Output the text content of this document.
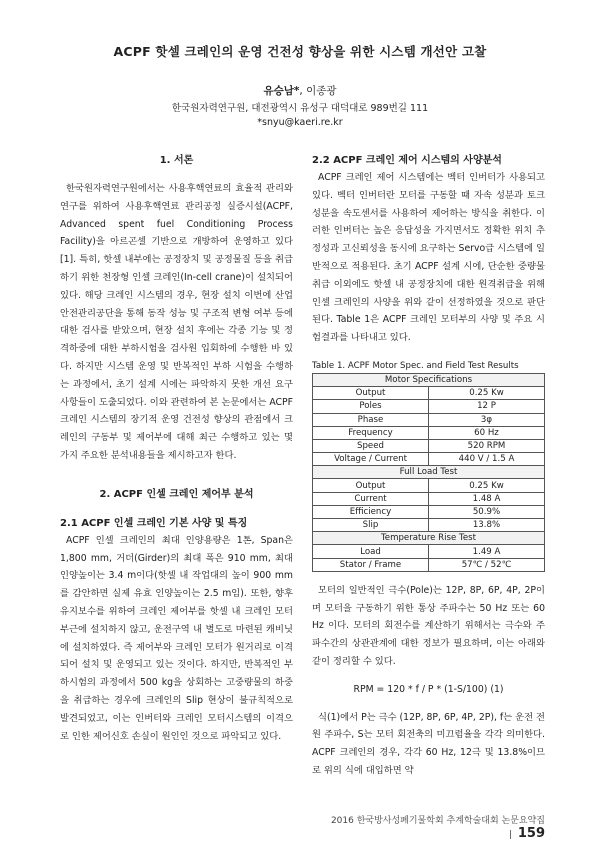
ACPF 핫셀 크레인의 운영 건전성 향상을 위한 시스템 개선안 고찰
유승남*, 이종광
한국원자력연구원, 대전광역시 유성구 대덕대로 989번길 111
*snyu@kaeri.re.kr

1. 서론

한국원자력연구원에서는 사용후핵연료의 효율적 관리와 연구를 위하여 사용후핵연료 관리공정 실증시설(ACPF, Advanced spent fuel Conditioning Process Facility)을 아르곤셀 기반으로 개방하여 운영하고 있다[1]. 특히, 핫셀 내부에는 공정장치 및 공정물질 등을 취급하기 위한 천장형 인셀 크레인(In-cell crane)이 설치되어 있다. 해당 크레인 시스템의 경우, 현장 설치 이번에 산업안전관리공단을 통해 동작 성능 및 구조적 변형 여부 등에 대한 검사를 받았으며, 현장 설치 후에는 각종 기능 및 정격하중에 대한 부하시험을 검사원 입회하에 수행한 바 있다. 하지만 시스템 운영 및 반복적인 부하 시험을 수행하는 과정에서, 초기 설계 시에는 파악하지 못한 개선 요구 사항들이 도출되었다. 이와 관련하여 본 논문에서는 ACPF 크레인 시스템의 장기적 운영 건전성 향상의 관점에서 크레인의 구동부 및 제어부에 대해 최근 수행하고 있는 몇 가지 주요한 분석내용들을 제시하고자 한다.

2. ACPF 인셀 크레인 제어부 분석

2.1 ACPF 인셀 크레인 기본 사양 및 특징

ACPF 인셀 크레인의 최대 인양용량은 1톤, Span은 1,800 mm, 거더(Girder)의 최대 폭은 910 mm, 최대 인양높이는 3.4 m이다(핫셀 내 작업대의 높이 900 mm를 감안하면 실제 유효 인양높이는 2.5 m임). 또한, 향후 유지보수를 위하여 크레인 제어부를 핫셀 내 크레인 모터 부근에 설치하지 않고, 운전구역 내 별도로 마련된 캐비닛에 설치하였다. 즉 제어부와 크레인 모터가 원거리로 이격되어 설치 및 운영되고 있는 것이다. 하지만, 반복적인 부하시험의 과정에서 500 kg을 상회하는 고중량물의 하중을 취급하는 경우에 크레인의 Slip 현상이 불규칙적으로 발견되었고, 이는 인버터와 크레인 모터시스템의 이격으로 인한 제어신호 손실이 원인인 것으로 파악되고 있다.

2.2 ACPF 크레인 제어 시스템의 사양분석

ACPF 크레인 제어 시스템에는 벡터 인버터가 사용되고 있다. 벡터 인버터란 모터를 구동할 때 자속 성분과 토크 성분을 속도센서를 사용하여 제어하는 방식을 취한다. 이러한 인버터는 높은 응답성을 가지면서도 정확한 위치 추정성과 고신뢰성을 동시에 요구하는 Servo급 시스템에 일반적으로 적용된다. 초기 ACPF 설계 시에, 단순한 중량물 취급 이외에도 핫셀 내 공정장치에 대한 원격취급을 위해 인셀 크레인의 사양을 위와 같이 선정하였을 것으로 판단된다. Table 1은 ACPF 크레인 모터부의 사양 및 주요 시험결과를 나타내고 있다.

Table 1. ACPF Motor Spec. and Field Test Results

Motor Specifications	
Output	0.25 Kw
Poles	12 P
Phase	3φ
Frequency	60 Hz
Speed	520 RPM
Voltage / Current	440 V / 1.5 A
Full Load Test	
Output	0.25 Kw
Current	1.48 A
Efficiency	50.9%
Slip	13.8%
Temperature Rise Test	
Load	1.49 A
Stator / Frame	57℃ / 52℃

모터의 일반적인 극수(Pole)는 12P, 8P, 6P, 4P, 2P이며 모터을 구동하기 위한 통상 주파수는 50 Hz 또는 60 Hz 이다. 모터의 회전수를 계산하기 위해서는 극수와 주파수간의 상관관계에 대한 정보가 필요하며, 이는 아래와 같이 정리할 수 있다.

RPM = 120 * f / P * (1-S/100) (1)

식(1)에서 P는 극수 (12P, 8P, 6P, 4P, 2P), f는 운전 전원 주파수, S는 모터 회전축의 미끄럼율을 각각 의미한다. ACPF 크레인의 경우, 각각 60 Hz, 12극 및 13.8%이므로 위의 식에 대입하면 약

2016 한국방사성폐기물학회 추계학술대회 논문요약집 | 159
